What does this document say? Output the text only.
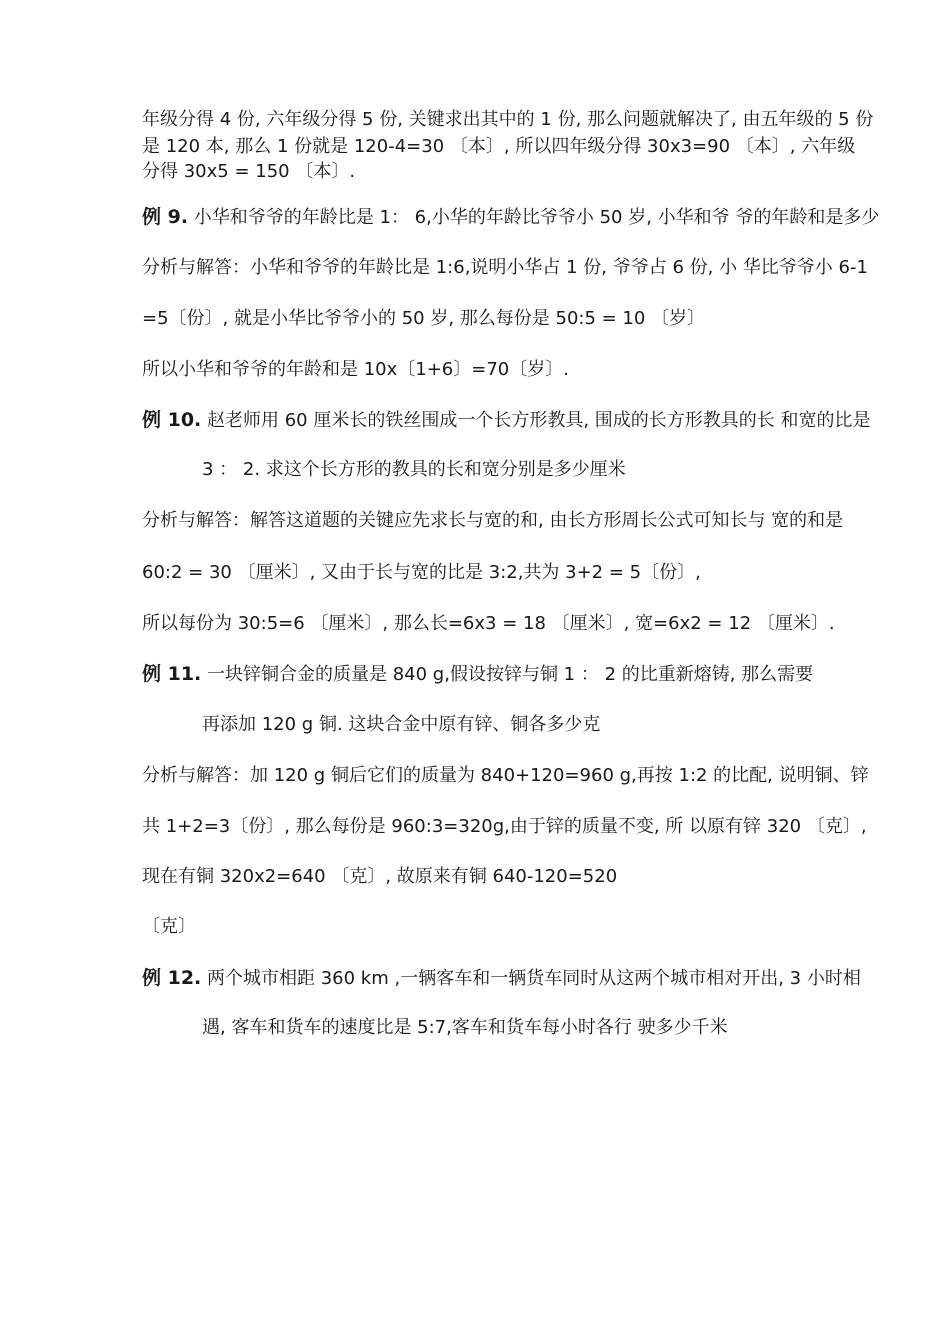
年级分得 4 份, 六年级分得 5 份, 关键求出其中的 1 份, 那么问题就解决了, 由五年级的 5 份
是 120 本, 那么 1 份就是 120-4=30 〔本〕, 所以四年级分得 30x3=90 〔本〕, 六年级
分得 30x5 = 150 〔本〕.
例 9. 小华和爷爷的年龄比是 1： 6,小华的年龄比爷爷小 50 岁, 小华和爷 爷的年龄和是多少
分析与解答：小华和爷爷的年龄比是 1:6,说明小华占 1 份, 爷爷占 6 份, 小 华比爷爷小 6-1
=5〔份〕, 就是小华比爷爷小的 50 岁, 那么每份是 50:5 = 10 〔岁〕
所以小华和爷爷的年龄和是 10x〔1+6〕=70〔岁〕.
例 10. 赵老师用 60 厘米长的铁丝围成一个长方形教具, 围成的长方形教具的长 和宽的比是
3 ： 2. 求这个长方形的教具的长和宽分别是多少厘米
分析与解答：解答这道题的关键应先求长与宽的和, 由长方形周长公式可知长与 宽的和是
60:2 = 30 〔厘米〕, 又由于长与宽的比是 3:2,共为 3+2 = 5〔份〕,
所以每份为 30:5=6 〔厘米〕, 那么长=6x3 = 18 〔厘米〕, 宽=6x2 = 12 〔厘米〕.
例 11. 一块锌铜合金的质量是 840 g,假设按锌与铜 1 ： 2 的比重新熔铸, 那么需要
再添加 120 g 铜. 这块合金中原有锌、铜各多少克
分析与解答：加 120 g 铜后它们的质量为 840+120=960 g,再按 1:2 的比配, 说明铜、锌
共 1+2=3〔份〕, 那么每份是 960:3=320g,由于锌的质量不变, 所 以原有锌 320 〔克〕,
现在有铜 320x2=640 〔克〕, 故原来有铜 640-120=520
〔克〕
例 12. 两个城市相距 360 km ,一辆客车和一辆货车同时从这两个城市相对开出, 3 小时相
遇, 客车和货车的速度比是 5:7,客车和货车每小时各行 驶多少千米
